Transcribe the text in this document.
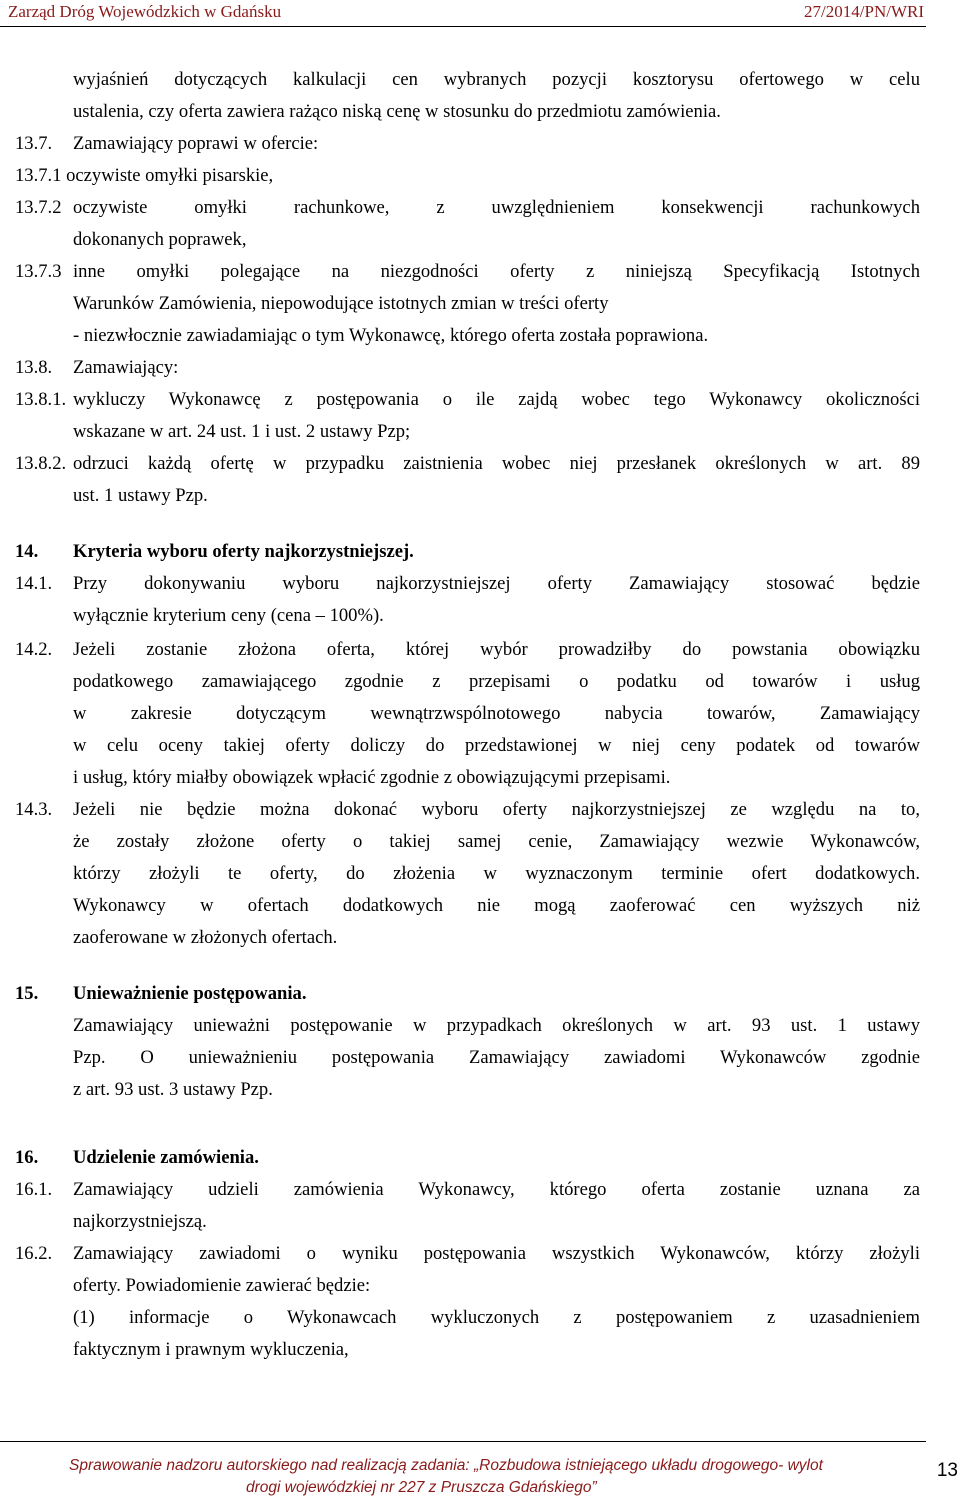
Zarząd Dróg Wojewódzkich w Gdańsku	27/2014/PN/WRI
wyjaśnień dotyczących kalkulacji cen wybranych pozycji kosztorysu ofertowego w celu
ustalenia, czy oferta zawiera rażąco niską cenę w stosunku do przedmiotu zamówienia.
13.7. Zamawiający poprawi w ofercie:
13.7.1 oczywiste omyłki pisarskie,
13.7.2 oczywiste omyłki rachunkowe, z uwzględnieniem konsekwencji rachunkowych
dokonanych poprawek,
13.7.3 inne omyłki polegające na niezgodności oferty z niniejszą Specyfikacją Istotnych
Warunków Zamówienia, niepowodujące istotnych zmian w treści oferty
- niezwłocznie zawiadamiając o tym Wykonawcę, którego oferta została poprawiona.
13.8. Zamawiający:
13.8.1. wykluczy Wykonawcę z postępowania o ile zajdą wobec tego Wykonawcy okoliczności
wskazane w art. 24 ust. 1 i ust. 2 ustawy Pzp;
13.8.2. odrzuci każdą ofertę w przypadku zaistnienia wobec niej przesłanek określonych w art. 89
ust. 1 ustawy Pzp.
14. Kryteria wyboru oferty najkorzystniejszej.
14.1. Przy dokonywaniu wyboru najkorzystniejszej oferty Zamawiający stosować będzie
wyłącznie kryterium ceny (cena – 100%).
14.2. Jeżeli zostanie złożona oferta, której wybór prowadziłby do powstania obowiązku
podatkowego zamawiającego zgodnie z przepisami o podatku od towarów i usług
w zakresie dotyczącym wewnątrzwspólnotowego nabycia towarów, Zamawiający
w celu oceny takiej oferty doliczy do przedstawionej w niej ceny podatek od towarów
i usług, który miałby obowiązek wpłacić zgodnie z obowiązującymi przepisami.
14.3. Jeżeli nie będzie można dokonać wyboru oferty najkorzystniejszej ze względu na to,
że zostały złożone oferty o takiej samej cenie, Zamawiający wezwie Wykonawców,
którzy złożyli te oferty, do złożenia w wyznaczonym terminie ofert dodatkowych.
Wykonawcy w ofertach dodatkowych nie mogą zaoferować cen wyższych niż
zaoferowane w złożonych ofertach.
15. Unieważnienie postępowania.
Zamawiający unieważni postępowanie w przypadkach określonych w art. 93 ust. 1 ustawy
Pzp. O unieważnieniu postępowania Zamawiający zawiadomi Wykonawców zgodnie
z art. 93 ust. 3 ustawy Pzp.
16. Udzielenie zamówienia.
16.1. Zamawiający udzieli zamówienia Wykonawcy, którego oferta zostanie uznana za
najkorzystniejszą.
16.2. Zamawiający zawiadomi o wyniku postępowania wszystkich Wykonawców, którzy złożyli
oferty. Powiadomienie zawierać będzie:
(1) informacje o Wykonawcach wykluczonych z postępowaniem z uzasadnieniem
faktycznym i prawnym wykluczenia,
Sprawowanie nadzoru autorskiego nad realizacją zadania: „Rozbudowa istniejącego układu drogowego- wylot
drogi wojewódzkiej nr 227 z Pruszcza Gdańskiego”
13
